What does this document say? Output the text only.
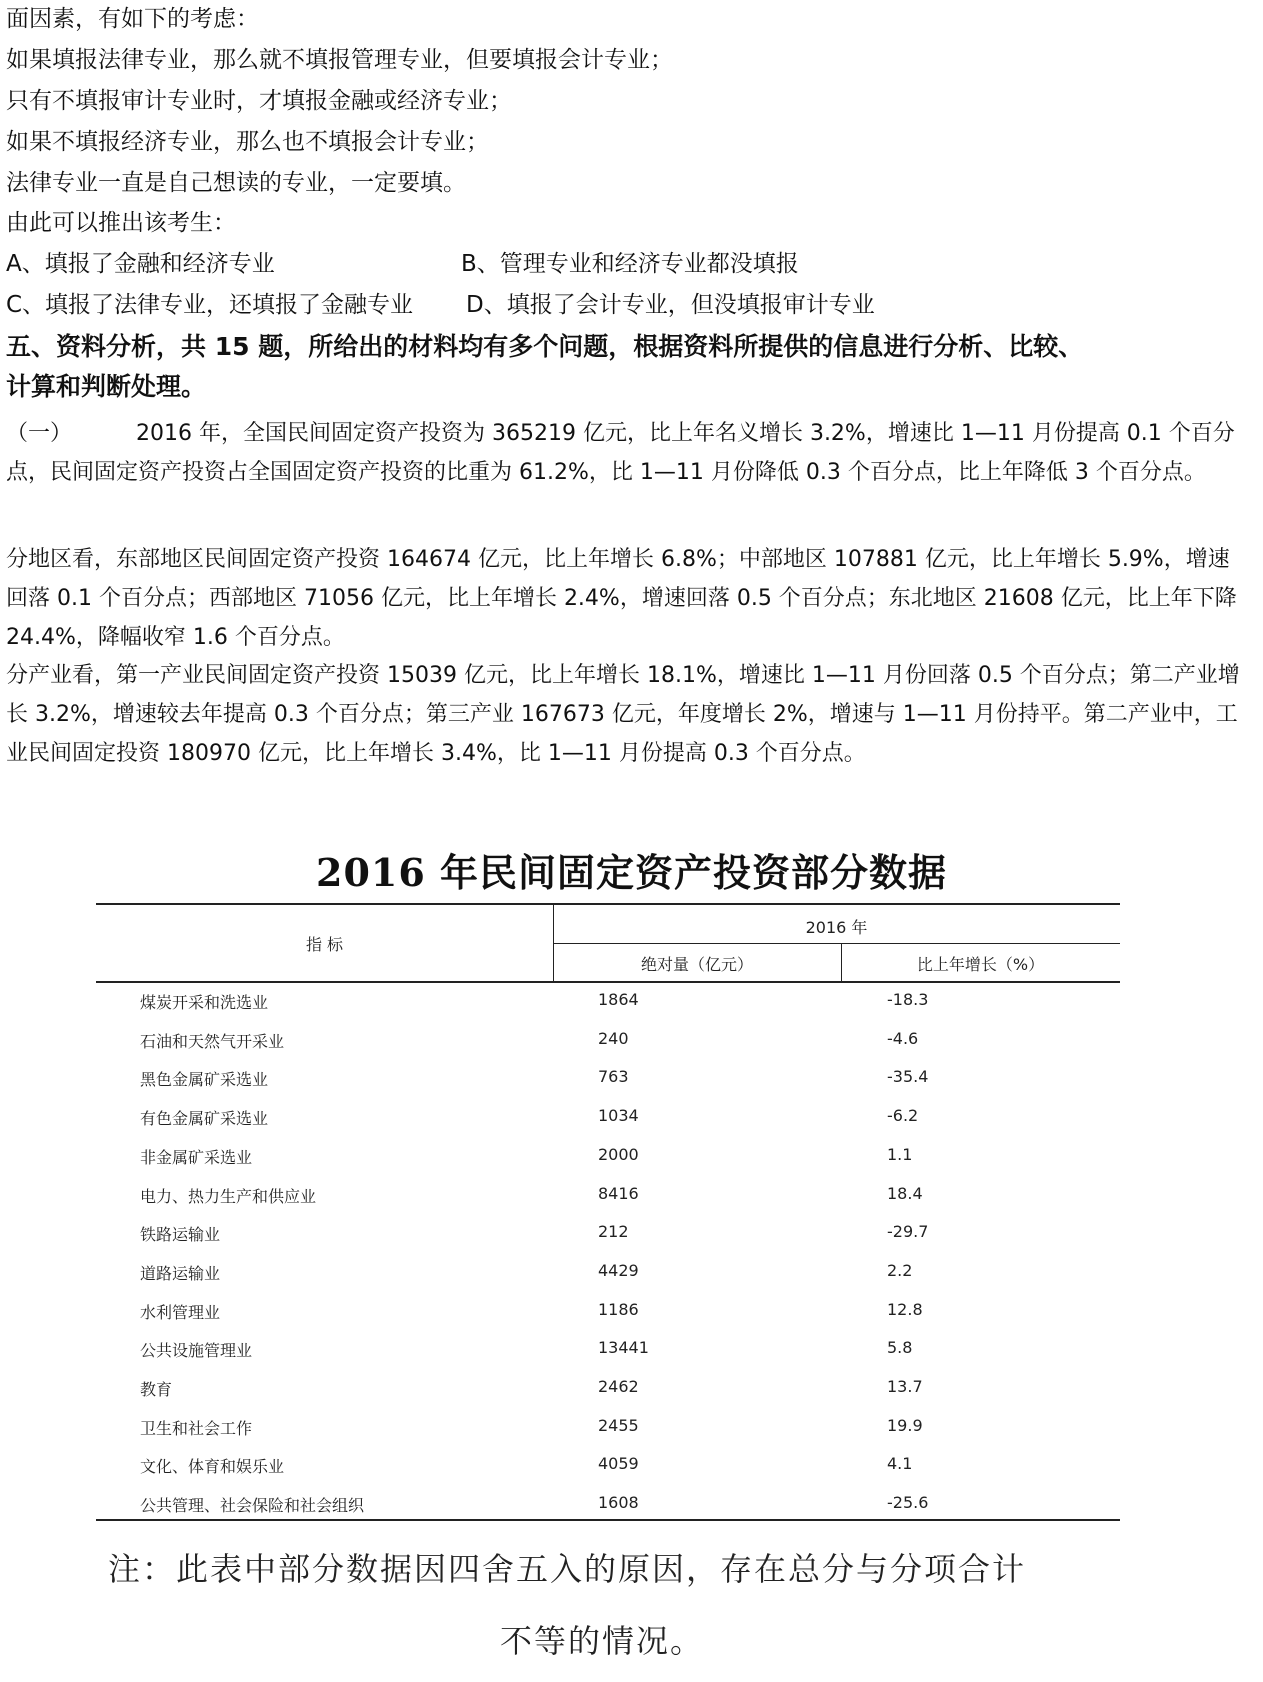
面因素，有如下的考虑：
如果填报法律专业，那么就不填报管理专业，但要填报会计专业；
只有不填报审计专业时，才填报金融或经济专业；
如果不填报经济专业，那么也不填报会计专业；
法律专业一直是自己想读的专业，一定要填。
由此可以推出该考生：
A、填报了金融和经济专业	B、管理专业和经济专业都没填报
C、填报了法律专业，还填报了金融专业 D、填报了会计专业，但没填报审计专业
五、资料分析，共 15 题，所给出的材料均有多个问题，根据资料所提供的信息进行分析、比较、
计算和判断处理。
（一）	2016 年，全国民间固定资产投资为 365219 亿元，比上年名义增长 3.2%，增速比 1—11 月份提高 0.1 个百分点，民间固定资产投资占全国固定资产投资的比重为 61.2%，比 1—11 月份降低 0.3 个百分点，比上年降低 3 个百分点。
分地区看，东部地区民间固定资产投资 164674 亿元，比上年增长 6.8%；中部地区 107881 亿元，比上年增长 5.9%，增速回落 0.1 个百分点；西部地区 71056 亿元，比上年增长 2.4%，增速回落 0.5 个百分点；东北地区 21608 亿元，比上年下降 24.4%，降幅收窄 1.6 个百分点。
分产业看，第一产业民间固定资产投资 15039 亿元，比上年增长 18.1%，增速比 1—11 月份回落 0.5 个百分点；第二产业增长 3.2%，增速较去年提高 0.3 个百分点；第三产业 167673 亿元，年度增长 2%，增速与 1—11 月份持平。第二产业中，工业民间固定投资 180970 亿元，比上年增长 3.4%，比 1—11 月份提高 0.3 个百分点。
2016 年民间固定资产投资部分数据
指 标
2016 年
绝对量（亿元）	比上年增长（%）
煤炭开采和洗选业	1864	-18.3
石油和天然气开采业	240	-4.6
黑色金属矿采选业	763	-35.4
有色金属矿采选业	1034	-6.2
非金属矿采选业	2000	1.1
电力、热力生产和供应业	8416	18.4
铁路运输业	212	-29.7
道路运输业	4429	2.2
水利管理业	1186	12.8
公共设施管理业	13441	5.8
教育	2462	13.7
卫生和社会工作	2455	19.9
文化、体育和娱乐业	4059	4.1
公共管理、社会保险和社会组织	1608	-25.6
注：此表中部分数据因四舍五入的原因，存在总分与分项合计
不等的情况。
